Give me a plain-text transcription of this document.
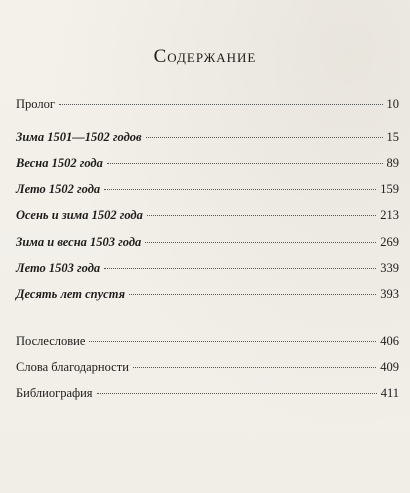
Содержание
Пролог	10
Зима 1501—1502 годов	15
Весна 1502 года	89
Лето 1502 года	159
Осень и зима 1502 года	213
Зима и весна 1503 года	269
Лето 1503 года	339
Десять лет спустя	393
Послесловие	406
Слова благодарности	409
Библиография	411
